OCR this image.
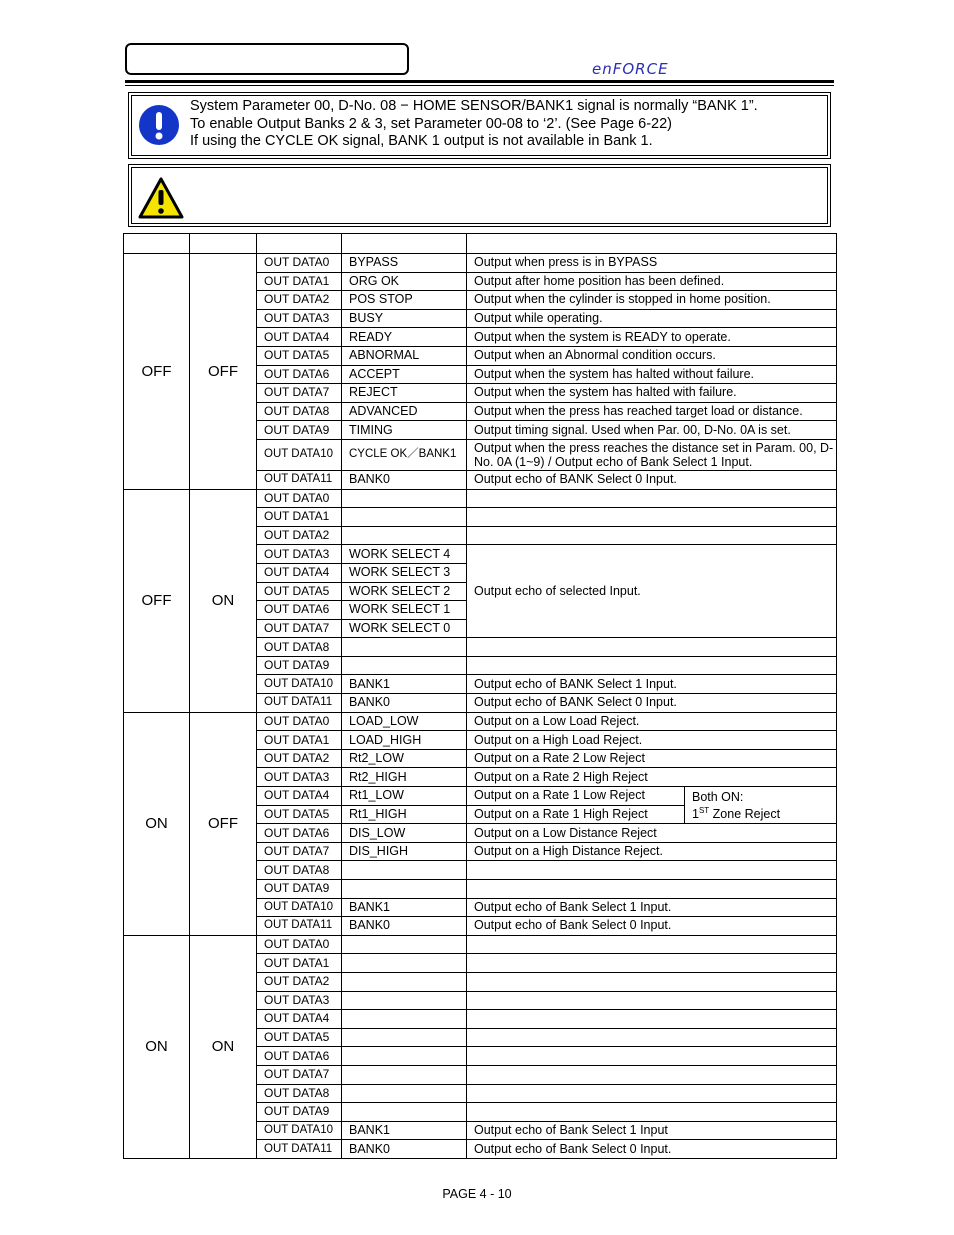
enFORCE
System Parameter 00, D-No. 08 − HOME SENSOR/BANK1 signal is normally “BANK 1”.
To enable Output Banks 2 & 3, set Parameter 00-08 to ‘2’. (See Page 6-22)
If using the CYCLE OK signal, BANK 1 output is not available in Bank 1.

OFF	OFF	OUT DATA0	BYPASS	Output when press is in BYPASS	
		OUT DATA1	ORG OK	Output after home position has been defined.	
		OUT DATA2	POS STOP	Output when the cylinder is stopped in home position.	
		OUT DATA3	BUSY	Output while operating.	
		OUT DATA4	READY	Output when the system is READY to operate.	
		OUT DATA5	ABNORMAL	Output when an Abnormal condition occurs.	
		OUT DATA6	ACCEPT	Output when the system has halted without failure.	
		OUT DATA7	REJECT	Output when the system has halted with failure.	
		OUT DATA8	ADVANCED	Output when the press has reached target load or distance.	
		OUT DATA9	TIMING	Output timing signal. Used when Par. 00, D-No. 0A is set.	
		OUT DATA10	CYCLE OK／BANK1	Output when the press reaches the distance set in Param. 00, D-No. 0A (1~9) / Output echo of Bank Select 1 Input.	
		OUT DATA11	BANK0	Output echo of BANK Select 0 Input.	
OFF	ON	OUT DATA0			
		OUT DATA1			
		OUT DATA2			
		OUT DATA3	WORK SELECT 4	Output echo of selected Input.	
		OUT DATA4	WORK SELECT 3		
		OUT DATA5	WORK SELECT 2		
		OUT DATA6	WORK SELECT 1		
		OUT DATA7	WORK SELECT 0		
		OUT DATA8			
		OUT DATA9			
		OUT DATA10	BANK1	Output echo of BANK Select 1 Input.	
		OUT DATA11	BANK0	Output echo of BANK Select 0 Input.	
ON	OFF	OUT DATA0	LOAD_LOW	Output on a Low Load Reject.	
		OUT DATA1	LOAD_HIGH	Output on a High Load Reject.	
		OUT DATA2	Rt2_LOW	Output on a Rate 2 Low Reject	
		OUT DATA3	Rt2_HIGH	Output on a Rate 2 High Reject	
		OUT DATA4	Rt1_LOW	Output on a Rate 1 Low Reject	Both ON:
1ST Zone Reject

		OUT DATA5	Rt1_HIGH	Output on a Rate 1 High Reject	
		OUT DATA6	DIS_LOW	Output on a Low Distance Reject	
		OUT DATA7	DIS_HIGH	Output on a High Distance Reject.	
		OUT DATA8			
		OUT DATA9			
		OUT DATA10	BANK1	Output echo of Bank Select 1 Input.	
		OUT DATA11	BANK0	Output echo of Bank Select 0 Input.	
ON	ON	OUT DATA0			
		OUT DATA1			
		OUT DATA2			
		OUT DATA3			
		OUT DATA4			
		OUT DATA5			
		OUT DATA6			
		OUT DATA7			
		OUT DATA8			
		OUT DATA9			
		OUT DATA10	BANK1	Output echo of Bank Select 1 Input	
		OUT DATA11	BANK0	Output echo of Bank Select 0 Input.	
PAGE 4 - 10
